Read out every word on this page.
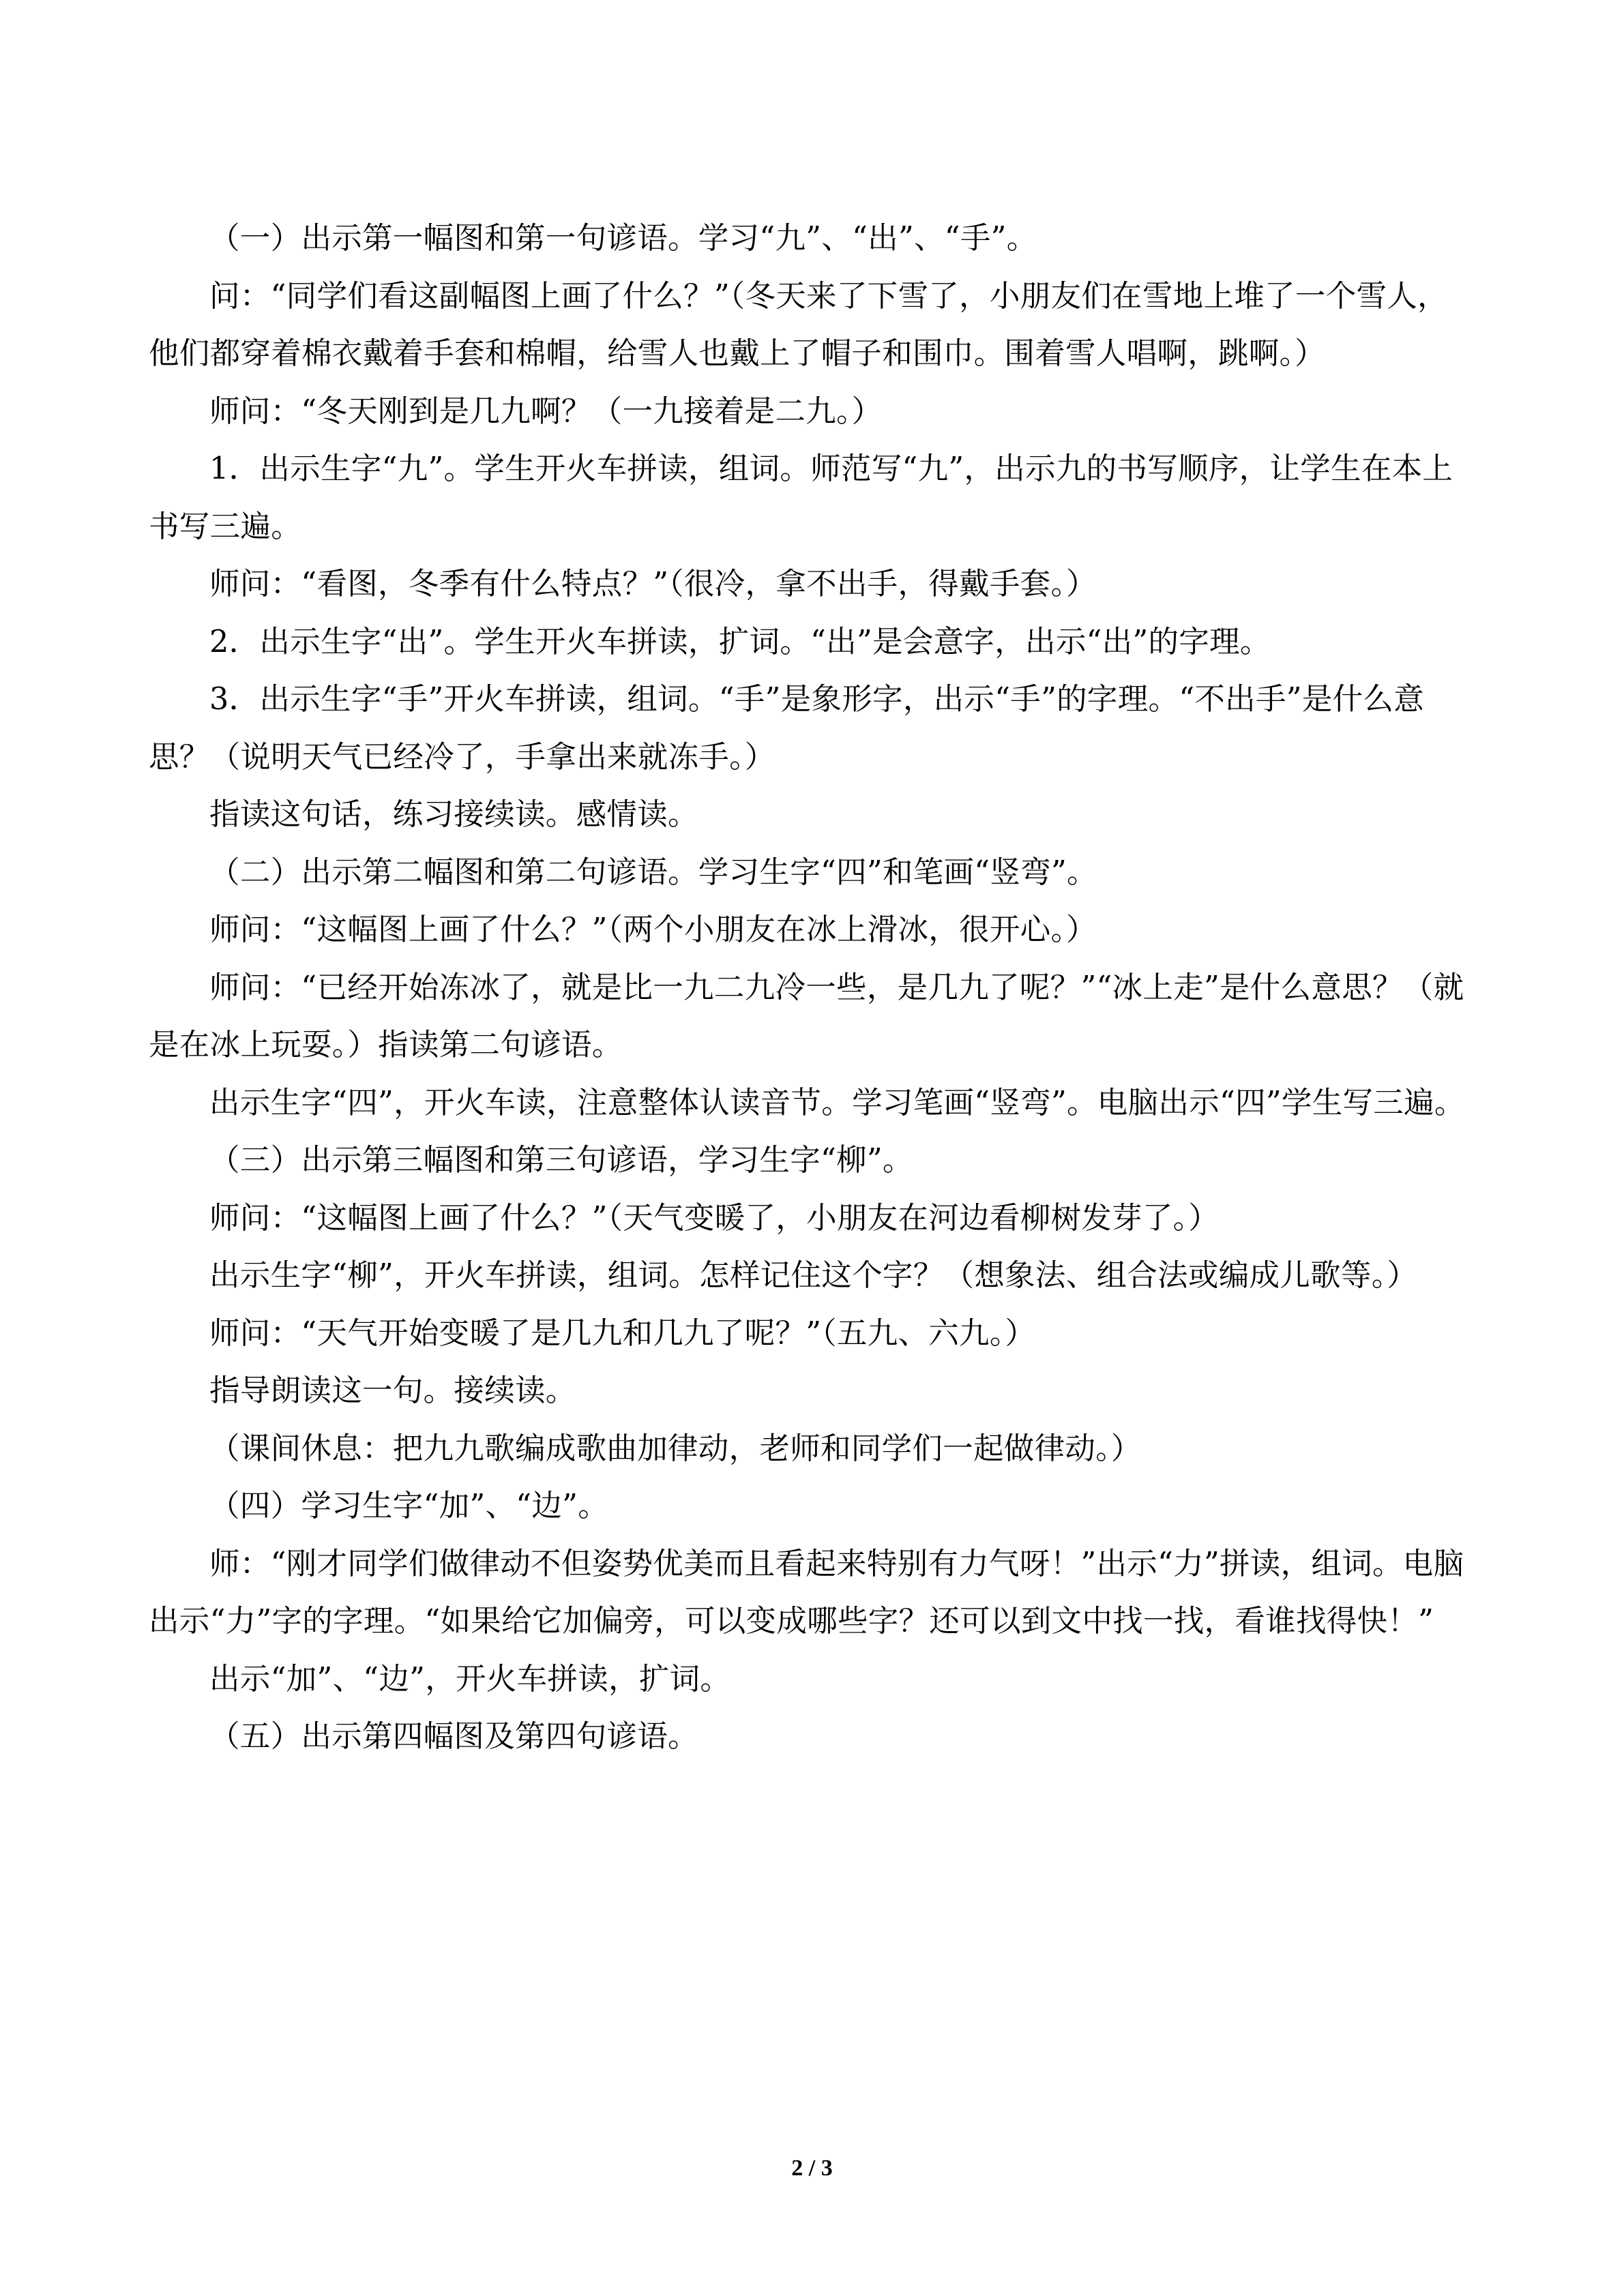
（一）出示第一幅图和第一句谚语。学习“九”、“出”、“手”。

问：“同学们看这副幅图上画了什么？”（冬天来了下雪了，小朋友们在雪地上堆了一个雪人，他们都穿着棉衣戴着手套和棉帽，给雪人也戴上了帽子和围巾。围着雪人唱啊，跳啊。）

师问：“冬天刚到是几九啊？（一九接着是二九。）

1．出示生字“九”。学生开火车拼读，组词。师范写“九”，出示九的书写顺序，让学生在本上书写三遍。

师问：“看图，冬季有什么特点？”（很冷，拿不出手，得戴手套。）

2．出示生字“出”。学生开火车拼读，扩词。“出”是会意字，出示“出”的字理。

3．出示生字“手”开火车拼读，组词。“手”是象形字，出示“手”的字理。“不出手”是什么意思？（说明天气已经冷了，手拿出来就冻手。）

指读这句话，练习接续读。感情读。

（二）出示第二幅图和第二句谚语。学习生字“四”和笔画“竖弯”。

师问：“这幅图上画了什么？”（两个小朋友在冰上滑冰，很开心。）

师问：“已经开始冻冰了，就是比一九二九冷一些，是几九了呢？”“冰上走”是什么意思？（就是在冰上玩耍。）指读第二句谚语。

出示生字“四”，开火车读，注意整体认读音节。学习笔画“竖弯”。电脑出示“四”学生写三遍。

（三）出示第三幅图和第三句谚语，学习生字“柳”。

师问：“这幅图上画了什么？”（天气变暖了，小朋友在河边看柳树发芽了。）

出示生字“柳”，开火车拼读，组词。怎样记住这个字？（想象法、组合法或编成儿歌等。）

师问：“天气开始变暖了是几九和几九了呢？”（五九、六九。）

指导朗读这一句。接续读。

（课间休息：把九九歌编成歌曲加律动，老师和同学们一起做律动。）

（四）学习生字“加”、“边”。

师：“刚才同学们做律动不但姿势优美而且看起来特别有力气呀！”出示“力”拼读，组词。电脑出示“力”字的字理。“如果给它加偏旁，可以变成哪些字？还可以到文中找一找，看谁找得快！”

出示“加”、“边”，开火车拼读，扩词。

（五）出示第四幅图及第四句谚语。

2 / 3
